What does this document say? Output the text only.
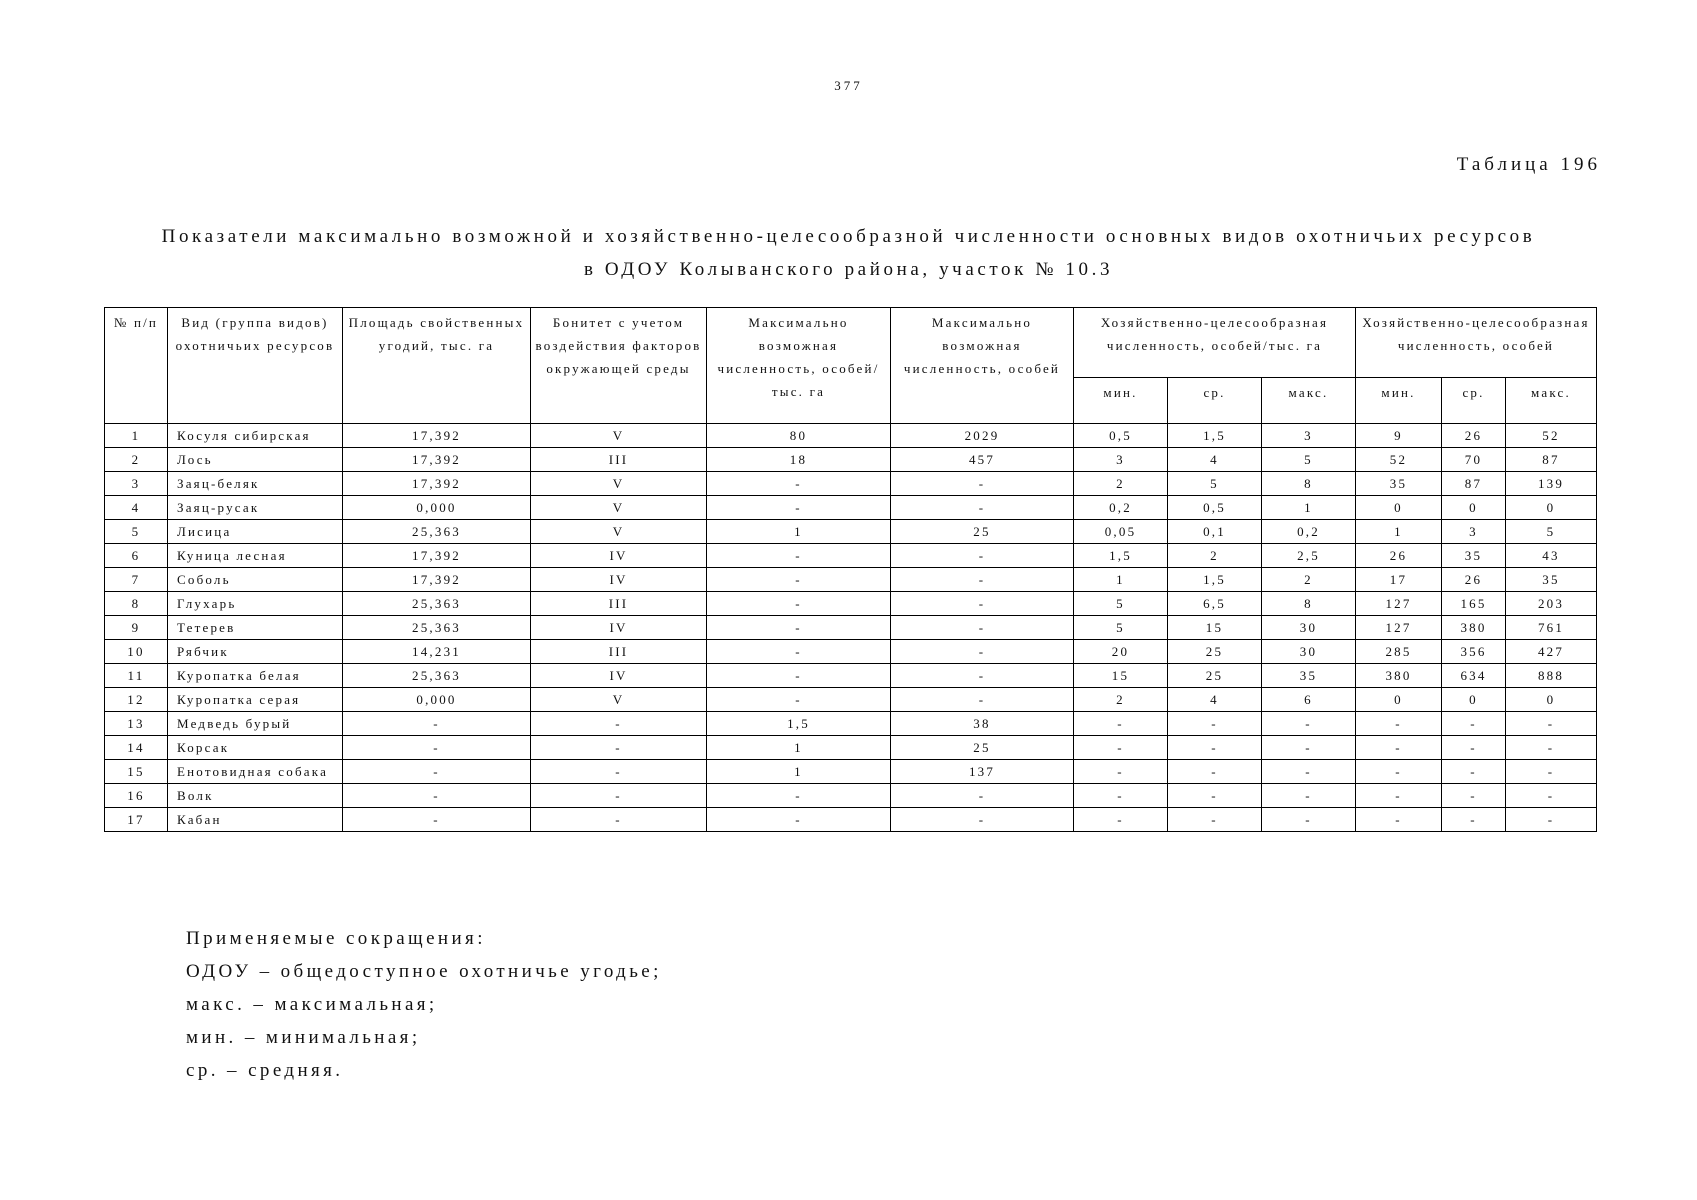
377
Таблица 196
Показатели максимально возможной и хозяйственно-целесообразной численности основных видов охотничьих ресурсов
в ОДОУ Колыванского района, участок № 10.3
№ п/п	Вид (группа видов) охотничьих ресурсов	Площадь свойственных угодий, тыс. га	Бонитет с учетом воздействия факторов окружающей среды	Максимально возможная численность, особей/тыс. га	Максимально возможная численность, особей	Хозяйственно-целесообразная численность, особей/тыс. га			Хозяйственно-целесообразная численность, особей		
						мин.	ср.	макс.	мин.	ср.	макс.
1	Косуля сибирская	17,392	V	80	2029	0,5	1,5	3	9	26	52
2	Лось	17,392	III	18	457	3	4	5	52	70	87
3	Заяц-беляк	17,392	V	-	-	2	5	8	35	87	139
4	Заяц-русак	0,000	V	-	-	0,2	0,5	1	0	0	0
5	Лисица	25,363	V	1	25	0,05	0,1	0,2	1	3	5
6	Куница лесная	17,392	IV	-	-	1,5	2	2,5	26	35	43
7	Соболь	17,392	IV	-	-	1	1,5	2	17	26	35
8	Глухарь	25,363	III	-	-	5	6,5	8	127	165	203
9	Тетерев	25,363	IV	-	-	5	15	30	127	380	761
10	Рябчик	14,231	III	-	-	20	25	30	285	356	427
11	Куропатка белая	25,363	IV	-	-	15	25	35	380	634	888
12	Куропатка серая	0,000	V	-	-	2	4	6	0	0	0
13	Медведь бурый	-	-	1,5	38	-	-	-	-	-	-
14	Корсак	-	-	1	25	-	-	-	-	-	-
15	Енотовидная собака	-	-	1	137	-	-	-	-	-	-
16	Волк	-	-	-	-	-	-	-	-	-	-
17	Кабан	-	-	-	-	-	-	-	-	-	-
Применяемые сокращения:
ОДОУ – общедоступное охотничье угодье;
макс. – максимальная;
мин. – минимальная;
ср. – средняя.
